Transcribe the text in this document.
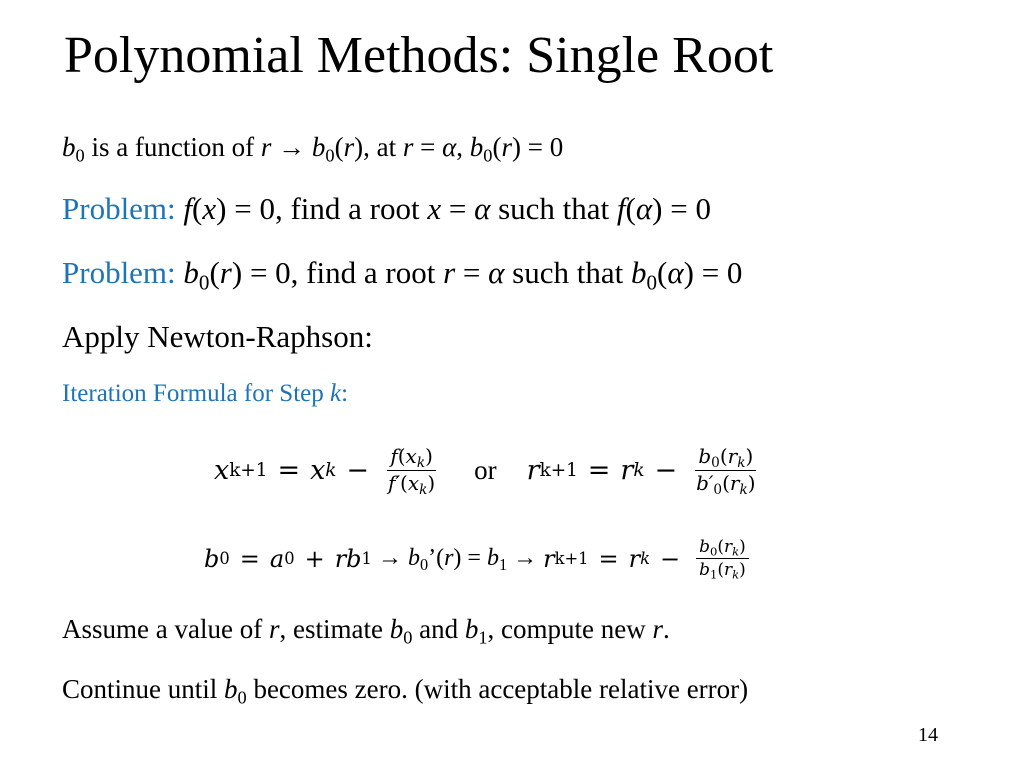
Polynomial Methods: Single Root
$b_0$ is a function of $r \to b_0(r)$, at r = α, $b_0(r) = 0$
Problem: f(x) = 0, find a root x = α such that f(α) = 0
Problem: $b_0(r) = 0$, find a root r = α such that $b_0(\alpha) = 0$
Apply Newton-Raphson:
Iteration Formula for Step k:
x k+1 = x $k - \frac{f(x_k)}{f'(x_k)}$ or r k+1 = r $k - \frac{b_0(r_k)}{b'_0(r_k)}$
b 0 = a 0 + r b $1 \to b_0’(r) = b_1 \to r$ k+1 = r $k - \frac{b_0(r_k)}{b_1(r_k)}$
Assume a value of r, estimate $b_0$ and $b_1$, compute new r.
Continue until $b_0$ becomes zero. (with acceptable relative error)
14
